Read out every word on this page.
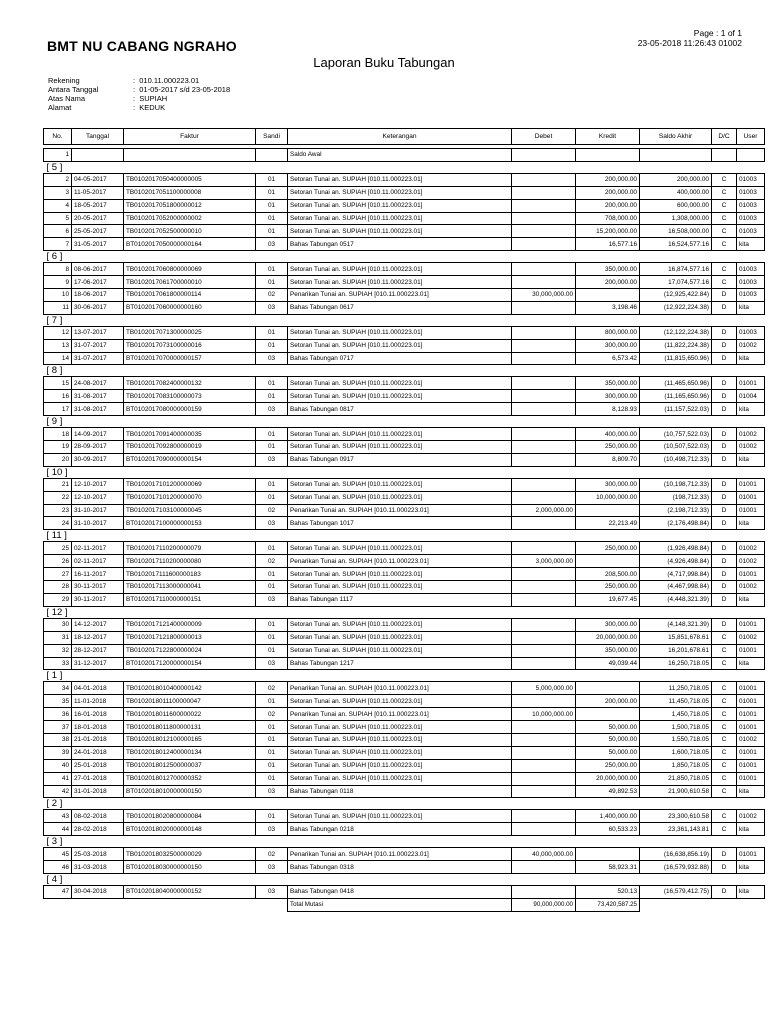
BMT NU CABANG NGRAHO
Page : 1 of 1
23-05-2018 11:26:43 01002
Laporan Buku Tabungan
Rekening	:  010.11.000223.01
Antara Tanggal	:  01-05-2017 s/d 23-05-2018
Atas Nama	:  SUPIAH
Alamat	:  KEDUK
No.	Tanggal	Faktur	Sandi	Keterangan	Debet	Kredit	Saldo Akhir	D/C	User

1				Saldo Awal					
[ 5 ]									
2	04-05-2017	TB0102017050400000005	01	Setoran Tunai an. SUPIAH [010.11.000223.01]		200,000.00	200,000.00	C	01003
3	11-05-2017	TB0102017051100000008	01	Setoran Tunai an. SUPIAH [010.11.000223.01]		200,000.00	400,000.00	C	01003
4	18-05-2017	TB0102017051800000012	01	Setoran Tunai an. SUPIAH [010.11.000223.01]		200,000.00	600,000.00	C	01003
5	20-05-2017	TB0102017052000000002	01	Setoran Tunai an. SUPIAH [010.11.000223.01]		708,000.00	1,308,000.00	C	01003
6	25-05-2017	TB0102017052500000010	01	Setoran Tunai an. SUPIAH [010.11.000223.01]		15,200,000.00	16,508,000.00	C	01003
7	31-05-2017	BT0102017050000000164	03	Bahas Tabungan 0517		16,577.16	16,524,577.16	C	kita
[ 6 ]									
8	08-06-2017	TB0102017060800000069	01	Setoran Tunai an. SUPIAH [010.11.000223.01]		350,000.00	16,874,577.16	C	01003
9	17-06-2017	TB0102017061700000010	01	Setoran Tunai an. SUPIAH [010.11.000223.01]		200,000.00	17,074,577.16	C	01003
10	18-06-2017	TB0102017061800000114	02	Penarikan Tunai an. SUPIAH [010.11.000223.01]	30,000,000.00		(12,925,422.84)	D	01003
11	30-06-2017	BT0102017060000000160	03	Bahas Tabungan 0617		3,198.46	(12,922,224.38)	D	kita
[ 7 ]									
12	13-07-2017	TB0102017071300000025	01	Setoran Tunai an. SUPIAH [010.11.000223.01]		800,000.00	(12,122,224.38)	D	01003
13	31-07-2017	TB0102017073100000016	01	Setoran Tunai an. SUPIAH [010.11.000223.01]		300,000.00	(11,822,224.38)	D	01002
14	31-07-2017	BT0102017070000000157	03	Bahas Tabungan 0717		6,573.42	(11,815,650.96)	D	kita
[ 8 ]									
15	24-08-2017	TB0102017082400000132	01	Setoran Tunai an. SUPIAH [010.11.000223.01]		350,000.00	(11,465,650.96)	D	01001
16	31-08-2017	TB0102017083100000073	01	Setoran Tunai an. SUPIAH [010.11.000223.01]		300,000.00	(11,165,650.96)	D	01004
17	31-08-2017	BT0102017080000000159	03	Bahas Tabungan 0817		8,128.93	(11,157,522.03)	D	kita
[ 9 ]									
18	14-09-2017	TB0102017091400000035	01	Setoran Tunai an. SUPIAH [010.11.000223.01]		400,000.00	(10,757,522.03)	D	01002
19	28-09-2017	TB0102017092800000019	01	Setoran Tunai an. SUPIAH [010.11.000223.01]		250,000.00	(10,507,522.03)	D	01002
20	30-09-2017	BT0102017090000000154	03	Bahas Tabungan 0917		8,809.70	(10,498,712.33)	D	kita
[ 10 ]									
21	12-10-2017	TB0102017101200000069	01	Setoran Tunai an. SUPIAH [010.11.000223.01]		300,000.00	(10,198,712.33)	D	01001
22	12-10-2017	TB0102017101200000070	01	Setoran Tunai an. SUPIAH [010.11.000223.01]		10,000,000.00	(198,712.33)	D	01001
23	31-10-2017	TB0102017103100000045	02	Penarikan Tunai an. SUPIAH [010.11.000223.01]	2,000,000.00		(2,198,712.33)	D	01001
24	31-10-2017	BT0102017100000000153	03	Bahas Tabungan 1017		22,213.49	(2,176,498.84)	D	kita
[ 11 ]									
25	02-11-2017	TB0102017110200000079	01	Setoran Tunai an. SUPIAH [010.11.000223.01]		250,000.00	(1,926,498.84)	D	01002
26	02-11-2017	TB0102017110200000080	02	Penarikan Tunai an. SUPIAH [010.11.000223.01]	3,000,000.00		(4,926,498.84)	D	01002
27	16-11-2017	TB0102017111600000183	01	Setoran Tunai an. SUPIAH [010.11.000223.01]		208,500.00	(4,717,998.84)	D	01001
28	30-11-2017	TB0102017113000000041	01	Setoran Tunai an. SUPIAH [010.11.000223.01]		250,000.00	(4,467,998.84)	D	01002
29	30-11-2017	BT0102017110000000151	03	Bahas Tabungan 1117		19,677.45	(4,448,321.39)	D	kita
[ 12 ]									
30	14-12-2017	TB0102017121400000009	01	Setoran Tunai an. SUPIAH [010.11.000223.01]		300,000.00	(4,148,321.39)	D	01001
31	18-12-2017	TB0102017121800000013	01	Setoran Tunai an. SUPIAH [010.11.000223.01]		20,000,000.00	15,851,678.61	C	01002
32	28-12-2017	TB0102017122800000024	01	Setoran Tunai an. SUPIAH [010.11.000223.01]		350,000.00	16,201,678.61	C	01001
33	31-12-2017	BT0102017120000000154	03	Bahas Tabungan 1217		49,039.44	16,250,718.05	C	kita
[ 1 ]									
34	04-01-2018	TB0102018010400000142	02	Penarikan Tunai an. SUPIAH [010.11.000223.01]	5,000,000.00		11,250,718.05	C	01001
35	11-01-2018	TB0102018011100000047	01	Setoran Tunai an. SUPIAH [010.11.000223.01]		200,000.00	11,450,718.05	C	01001
36	16-01-2018	TB0102018011600000022	02	Penarikan Tunai an. SUPIAH [010.11.000223.01]	10,000,000.00		1,450,718.05	C	01001
37	18-01-2018	TB0102018011800000131	01	Setoran Tunai an. SUPIAH [010.11.000223.01]		50,000.00	1,500,718.05	C	01001
38	21-01-2018	TB0102018012100000165	01	Setoran Tunai an. SUPIAH [010.11.000223.01]		50,000.00	1,550,718.05	C	01002
39	24-01-2018	TB0102018012400000134	01	Setoran Tunai an. SUPIAH [010.11.000223.01]		50,000.00	1,600,718.05	C	01001
40	25-01-2018	TB0102018012500000037	01	Setoran Tunai an. SUPIAH [010.11.000223.01]		250,000.00	1,850,718.05	C	01001
41	27-01-2018	TB0102018012700000352	01	Setoran Tunai an. SUPIAH [010.11.000223.01]		20,000,000.00	21,850,718.05	C	01001
42	31-01-2018	BT0102018010000000150	03	Bahas Tabungan 0118		49,892.53	21,900,610.58	C	kita
[ 2 ]									
43	08-02-2018	TB0102018020800000084	01	Setoran Tunai an. SUPIAH [010.11.000223.01]		1,400,000.00	23,300,610.58	C	01002
44	28-02-2018	BT0102018020000000148	03	Bahas Tabungan 0218		60,533.23	23,361,143.81	C	kita
[ 3 ]									
45	25-03-2018	TB0102018032500000029	02	Penarikan Tunai an. SUPIAH [010.11.000223.01]	40,000,000.00		(16,638,856.19)	D	01001
46	31-03-2018	BT0102018030000000150	03	Bahas Tabungan 0318		58,923.31	(16,579,932.88)	D	kita
[ 4 ]									
47	30-04-2018	BT0102018040000000152	03	Bahas Tabungan 0418		520.13	(16,579,412.75)	D	kita
				Total Mutasi	90,000,000.00	73,420,587.25			
